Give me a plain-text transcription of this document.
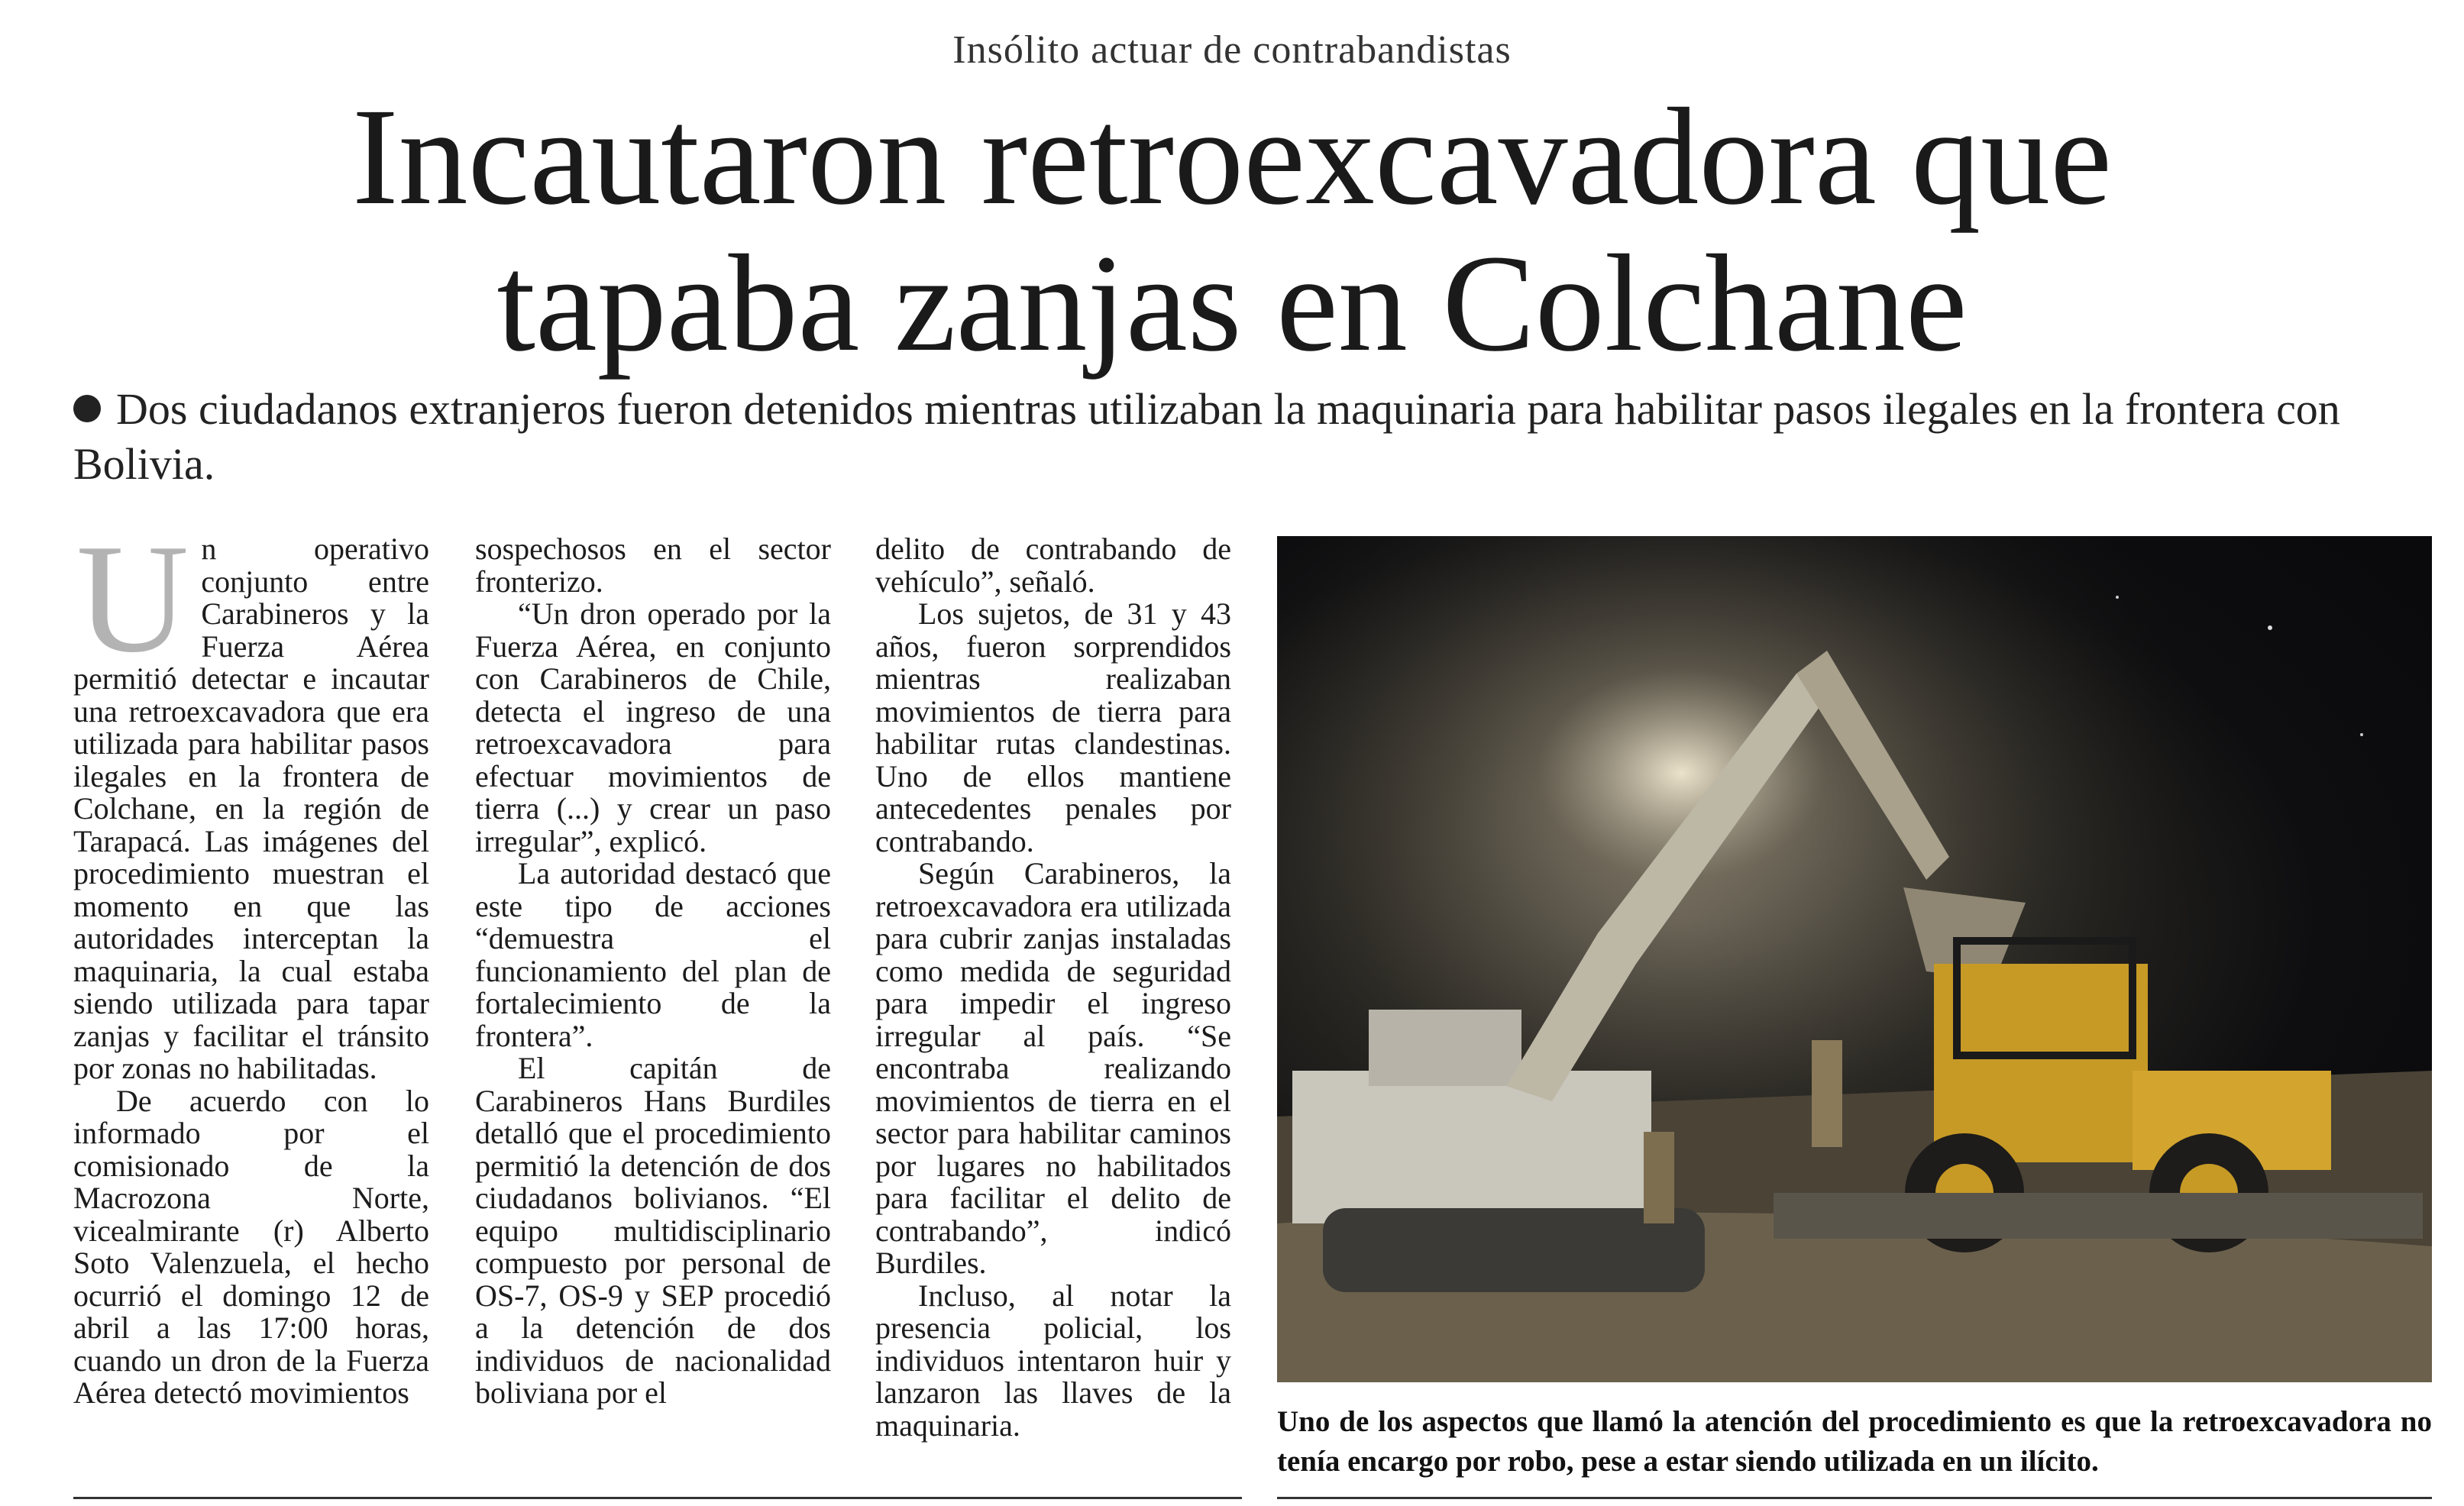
Insólito actuar de contrabandistas
Incautaron retroexcavadora que
tapaba zanjas en Colchane
Dos ciudadanos extranjeros fueron detenidos mientras utilizaban la maquinaria para habilitar pasos ilegales en la frontera con Bolivia.

Un operativo conjunto entre Carabineros y la Fuerza Aérea permitió detectar e incautar una retroexcavadora que era utilizada para habilitar pasos ilegales en la frontera de Colchane, en la región de Tarapacá. Las imágenes del procedimiento muestran el momento en que las autoridades interceptan la maquinaria, la cual estaba siendo utilizada para tapar zanjas y facilitar el tránsito por zonas no habilitadas.

De acuerdo con lo informado por el comisionado de la Macrozona Norte, vicealmirante (r) Alberto Soto Valenzuela, el hecho ocurrió el domingo 12 de abril a las 17:00 horas, cuando un dron de la Fuerza Aérea detectó movimientos

sospechosos en el sector fronterizo.

“Un dron operado por la Fuerza Aérea, en conjunto con Carabineros de Chile, detecta el ingreso de una retroexcavadora para efectuar movimientos de tierra (...) y crear un paso irregular”, explicó.

La autoridad destacó que este tipo de acciones “demuestra el funcionamiento del plan de fortalecimiento de la frontera”.

El capitán de Carabineros Hans Burdiles detalló que el procedimiento permitió la detención de dos ciudadanos bolivianos. “El equipo multidisciplinario compuesto por personal de OS-7, OS-9 y SEP procedió a la detención de dos individuos de nacionalidad boliviana por el

delito de contrabando de vehículo”, señaló.

Los sujetos, de 31 y 43 años, fueron sorprendidos mientras realizaban movimientos de tierra para habilitar rutas clandestinas. Uno de ellos mantiene antecedentes penales por contrabando.

Según Carabineros, la retroexcavadora era utilizada para cubrir zanjas instaladas como medida de seguridad para impedir el ingreso irregular al país. “Se encontraba realizando movimientos de tierra en el sector para habilitar caminos por lugares no habilitados para facilitar el delito de contrabando”, indicó Burdiles.

Incluso, al notar la presencia policial, los individuos intentaron huir y lanzaron las llaves de la maquinaria.	Uno de los aspectos que llamó la atención del procedimiento es que la retroexcavadora no tenía encargo por robo, pese a estar siendo utilizada en un ilícito.
